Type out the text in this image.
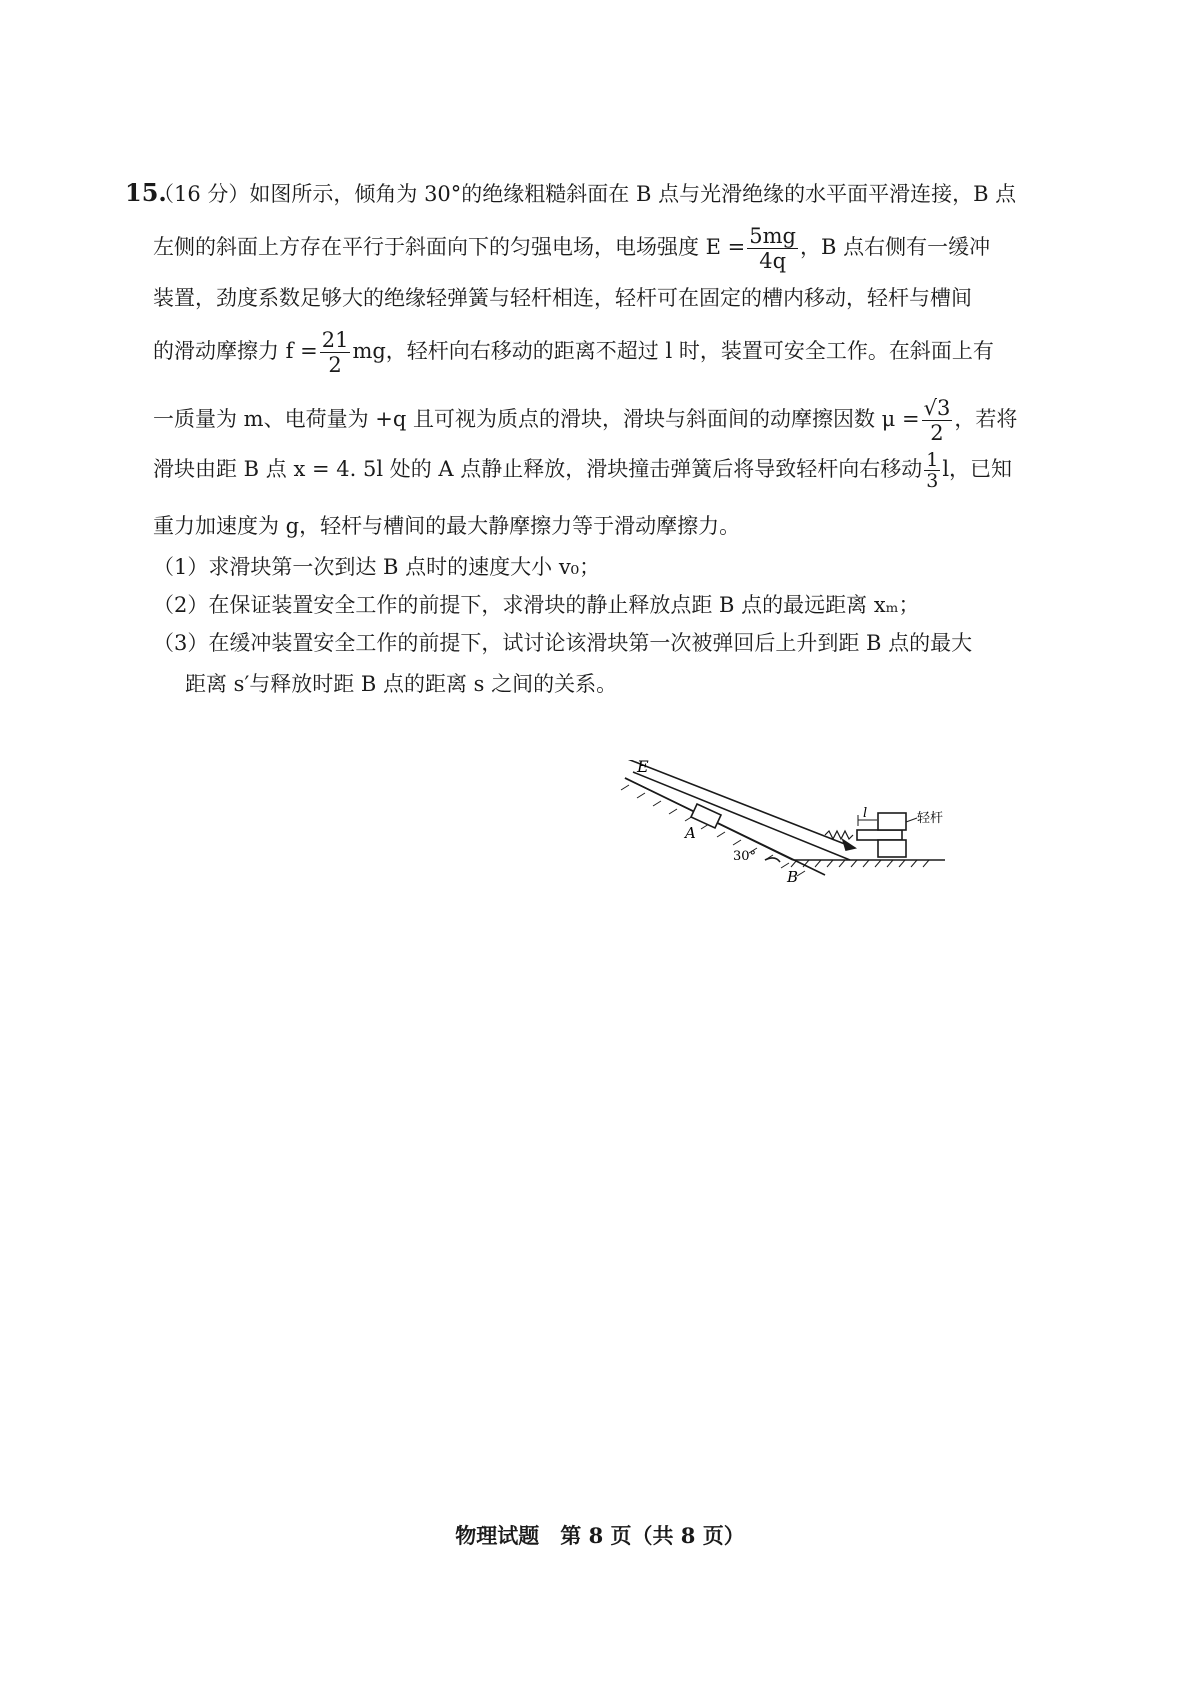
15.
（16 分）如图所示，倾角为 30°的绝缘粗糙斜面在 B 点与光滑绝缘的水平面平滑连接，B 点
左侧的斜面上方存在平行于斜面向下的匀强电场，电场强度 $E = \frac{5mg}{4q}$ ，B 点右侧有一缓冲
装置，劲度系数足够大的绝缘轻弹簧与轻杆相连，轻杆可在固定的槽内移动，轻杆与槽间
的滑动摩擦力 $f = \frac{21}{2}$ mg，轻杆向右移动的距离不超过 l 时，装置可安全工作。在斜面上有
一质量为 m、电荷量为 +q 且可视为质点的滑块，滑块与斜面间的动摩擦因数 $\mu = \frac{√3}{2}$ ，若将
滑块由距 B 点 x = 4. 5l 处的 A 点静止释放，滑块撞击弹簧后将导致轻杆向右移动 $\frac{1}{3}$ l，已知
重力加速度为 g，轻杆与槽间的最大静摩擦力等于滑动摩擦力。
（1）求滑块第一次到达 B 点时的速度大小 v₀；
（2）在保证装置安全工作的前提下，求滑块的静止释放点距 B 点的最远距离 xₘ；
（3）在缓冲装置安全工作的前提下，试讨论该滑块第一次被弹回后上升到距 B 点的最大
距离 s′与释放时距 B 点的距离 s 之间的关系。
E
A
B
30°
l	轻杆
物理试题　第 8 页（共 8 页）
